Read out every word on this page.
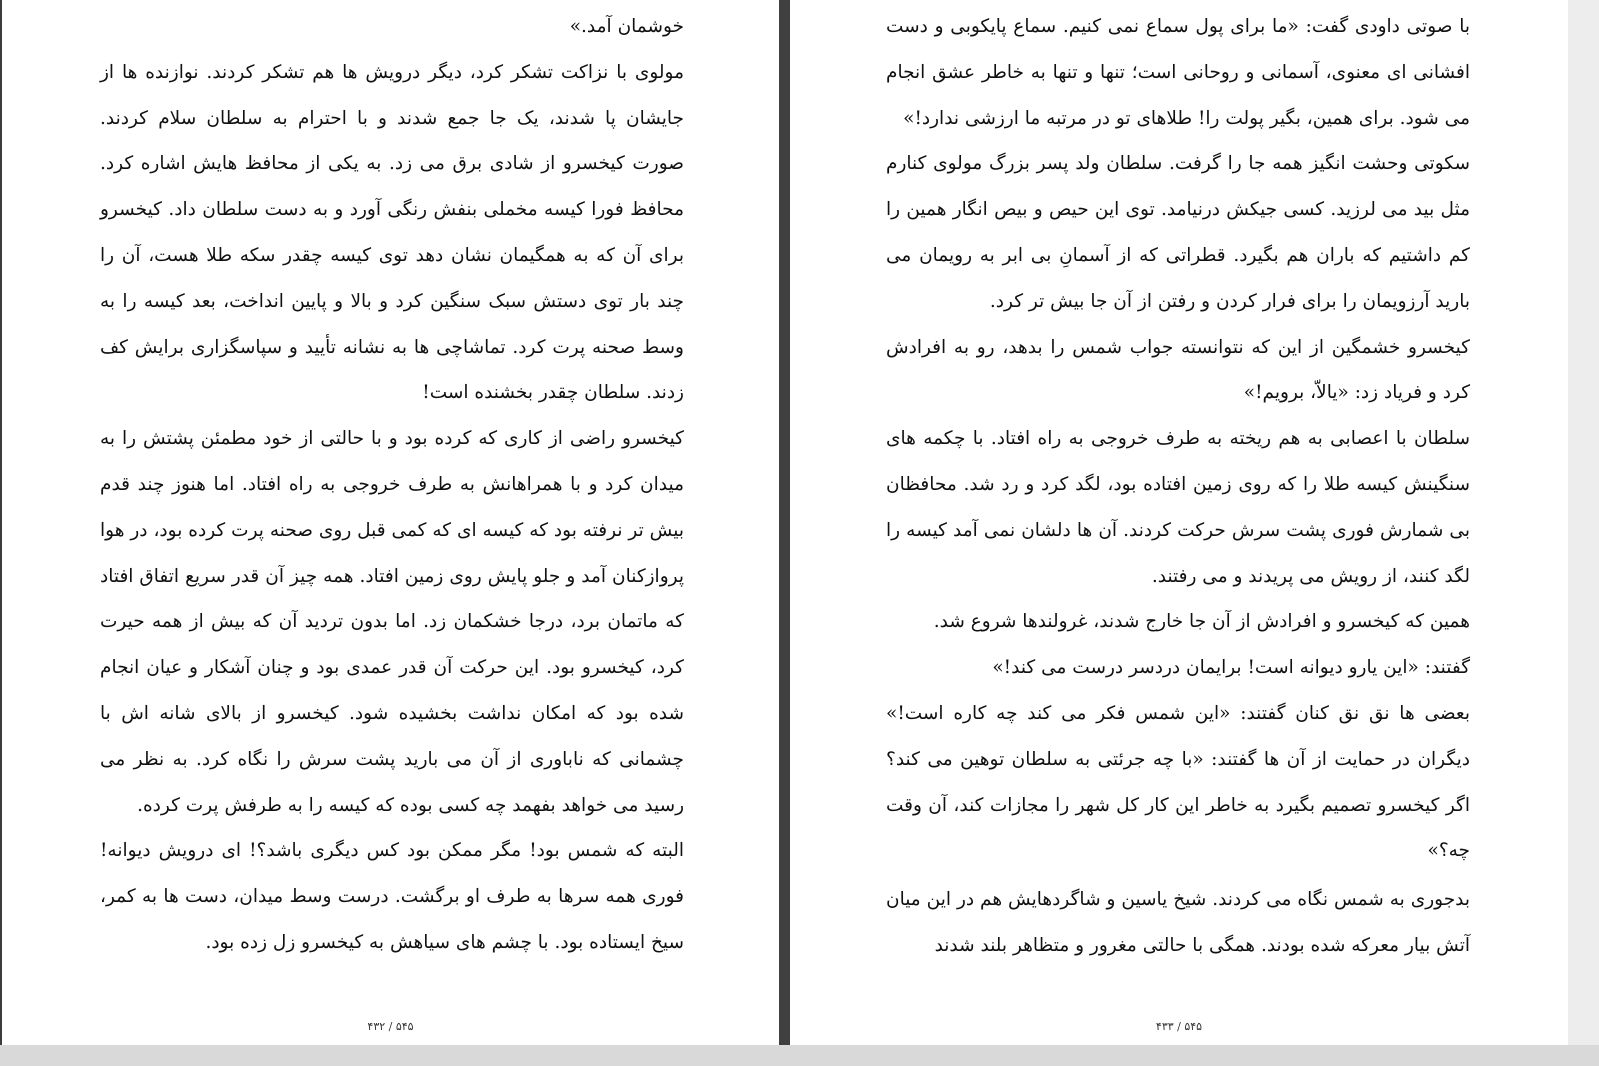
خوشمان آمد.»

مولوی با نزاکت تشکر کرد، دیگر درویش ها هم تشکر کردند. نوازنده ها از جایشان پا شدند، یک جا جمع شدند و با احترام به سلطان سلام کردند. صورت کیخسرو از شادی برق می زد. به یکی از محافظ هایش اشاره کرد. محافظ فورا کیسه مخملی بنفش رنگی آورد و به دست سلطان داد. کیخسرو برای آن که به همگیمان نشان دهد توی کیسه چقدر سکه طلا هست، آن را چند بار توی دستش سبک سنگین کرد و بالا و پایین انداخت، بعد کیسه را به وسط صحنه پرت کرد. تماشاچی ها به نشانه تأیید و سپاسگزاری برایش کف زدند. سلطان چقدر بخشنده است!

کیخسرو راضی از کاری که کرده بود و با حالتی از خود مطمئن پشتش را به میدان کرد و با همراهانش به طرف خروجی به راه افتاد. اما هنوز چند قدم بیش تر نرفته بود که کیسه ای که کمی قبل روی صحنه پرت کرده بود، در هوا پروازکنان آمد و جلو پایش روی زمین افتاد. همه چیز آن قدر سریع اتفاق افتاد که ماتمان برد، درجا خشکمان زد. اما بدون تردید آن که بیش از همه حیرت کرد، کیخسرو بود. این حرکت آن قدر عمدی بود و چنان آشکار و عیان انجام شده بود که امکان نداشت بخشیده شود. کیخسرو از بالای شانه اش با چشمانی که ناباوری از آن می بارید پشت سرش را نگاه کرد. به نظر می رسید می خواهد بفهمد چه کسی بوده که کیسه را به طرفش پرت کرده.

البته که شمس بود! مگر ممکن بود کس دیگری باشد؟! ای درویش دیوانه! فوری همه سرها به طرف او برگشت. درست وسط میدان، دست ها به کمر، سیخ ایستاده بود. با چشم های سیاهش به کیخسرو زل زده بود.

۵۴۵ / ۴۳۲

با صوتی داودی گفت: «ما برای پول سماع نمی کنیم. سماع پایکوبی و دست افشانی ای معنوی، آسمانی و روحانی است؛ تنها و تنها به خاطر عشق انجام می شود. برای همین، بگیر پولت را! طلاهای تو در مرتبه ما ارزشی ندارد!»

سکوتی وحشت انگیز همه جا را گرفت. سلطان ولد پسر بزرگ مولوی کنارم مثل بید می لرزید. کسی جیکش درنیامد. توی این حیص و بیص انگار همین را کم داشتیم که باران هم بگیرد. قطراتی که از آسمانِ بی ابر به رویمان می بارید آرزویمان را برای فرار کردن و رفتن از آن جا بیش تر کرد.

کیخسرو خشمگین از این که نتوانسته جواب شمس را بدهد، رو به افرادش کرد و فریاد زد: «یالاّ، برویم!»

سلطان با اعصابی به هم ریخته به طرف خروجی به راه افتاد. با چکمه های سنگینش کیسه طلا را که روی زمین افتاده بود، لگد کرد و رد شد. محافظان بی شمارش فوری پشت سرش حرکت کردند. آن ها دلشان نمی آمد کیسه را لگد کنند، از رویش می پریدند و می رفتند.

همین که کیخسرو و افرادش از آن جا خارج شدند، غرولندها شروع شد.

گفتند: «این یارو دیوانه است! برایمان دردسر درست می کند!»

بعضی ها نق نق کنان گفتند: «این شمس فکر می کند چه کاره است!» دیگران در حمایت از آن ها گفتند: «با چه جرئتی به سلطان توهین می کند؟ اگر کیخسرو تصمیم بگیرد به خاطر این کار کل شهر را مجازات کند، آن وقت چه؟»

بدجوری به شمس نگاه می کردند. شیخ یاسین و شاگردهایش هم در این میان آتش بیار معرکه شده بودند. همگی با حالتی مغرور و متظاهر بلند شدند

۵۴۵ / ۴۳۳
